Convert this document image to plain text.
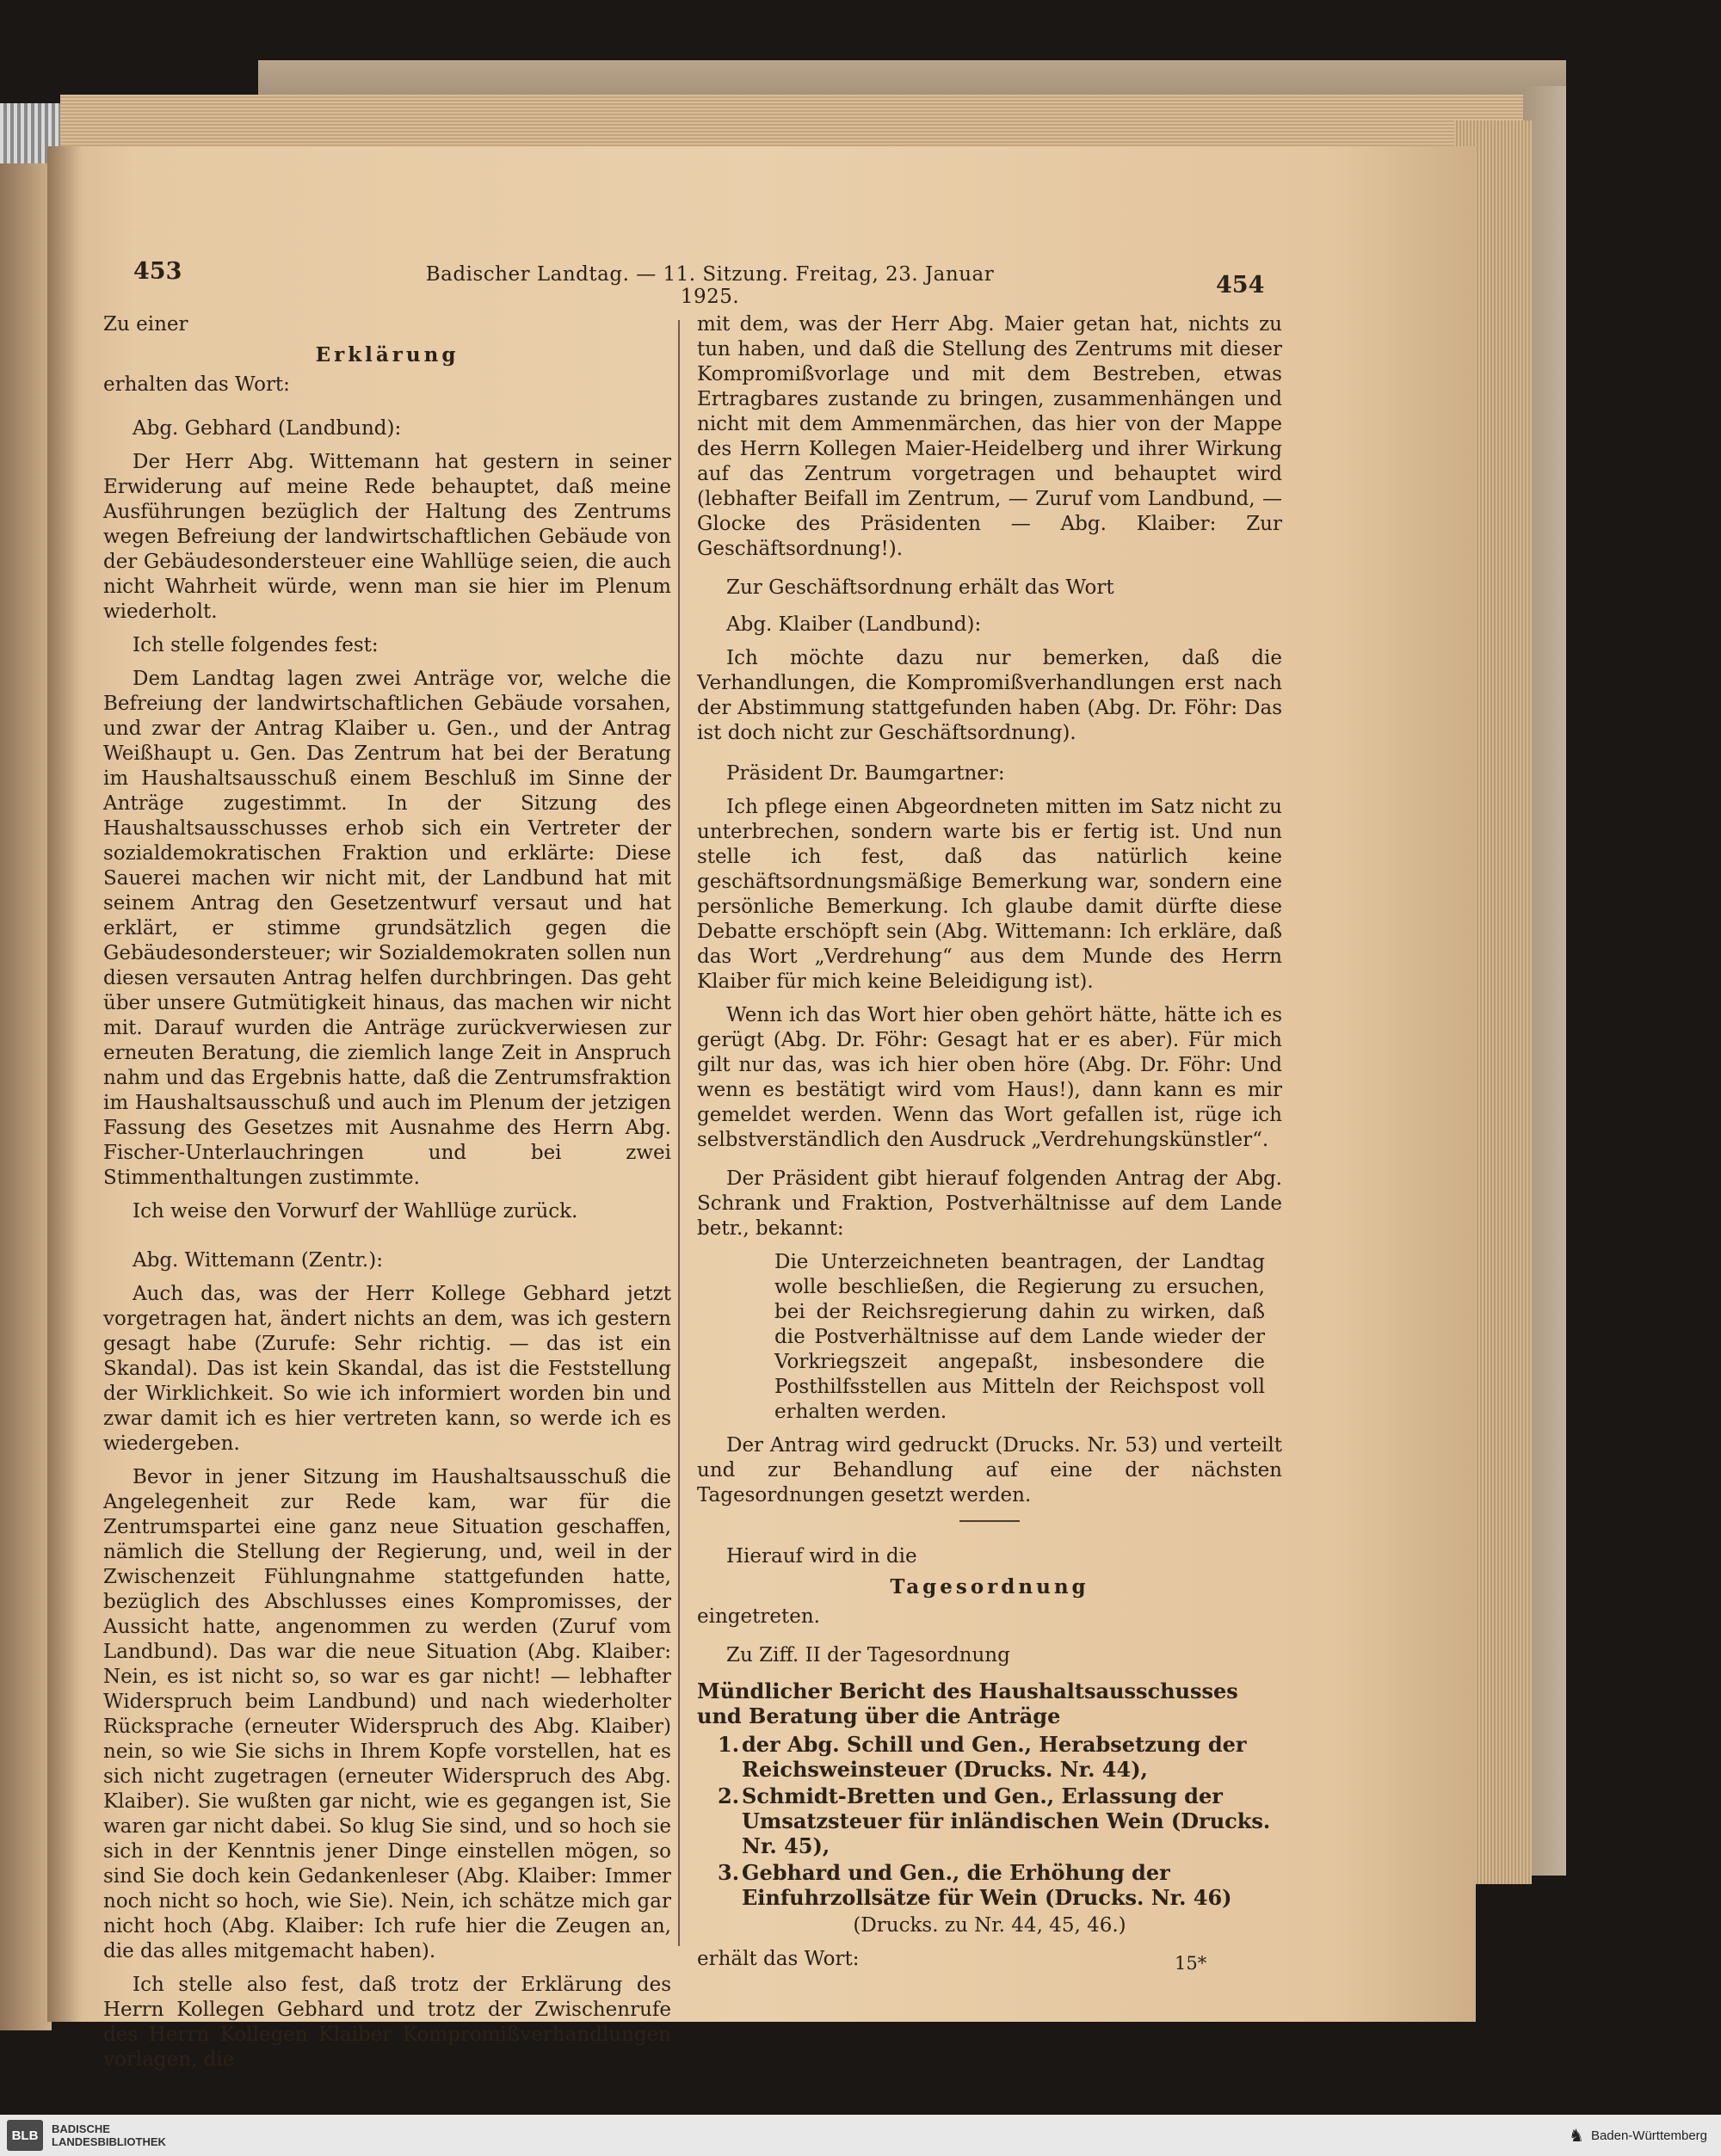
453	Badischer Landtag. — 11. Sitzung. Freitag, 23. Januar 1925.	454

Zu einer

Erklärung

erhalten das Wort:

Abg. Gebhard (Landbund):

Der Herr Abg. Wittemann hat gestern in seiner Erwiderung auf meine Rede behauptet, daß meine Ausführungen bezüglich der Haltung des Zentrums wegen Befreiung der landwirtschaftlichen Gebäude von der Gebäudesondersteuer eine Wahllüge seien, die auch nicht Wahrheit würde, wenn man sie hier im Plenum wiederholt.

Ich stelle folgendes fest:

Dem Landtag lagen zwei Anträge vor, welche die Befreiung der landwirtschaftlichen Gebäude vorsahen, und zwar der Antrag Klaiber u. Gen., und der Antrag Weißhaupt u. Gen. Das Zentrum hat bei der Beratung im Haushaltsausschuß einem Beschluß im Sinne der Anträge zugestimmt. In der Sitzung des Haushaltsausschusses erhob sich ein Vertreter der sozialdemokratischen Fraktion und erklärte: Diese Sauerei machen wir nicht mit, der Landbund hat mit seinem Antrag den Gesetzentwurf versaut und hat erklärt, er stimme grundsätzlich gegen die Gebäudesondersteuer; wir Sozialdemokraten sollen nun diesen versauten Antrag helfen durchbringen. Das geht über unsere Gutmütigkeit hinaus, das machen wir nicht mit. Darauf wurden die Anträge zurückverwiesen zur erneuten Beratung, die ziemlich lange Zeit in Anspruch nahm und das Ergebnis hatte, daß die Zentrumsfraktion im Haushaltsausschuß und auch im Plenum der jetzigen Fassung des Gesetzes mit Ausnahme des Herrn Abg. Fischer-Unterlauchringen und bei zwei Stimmenthaltungen zustimmte.

Ich weise den Vorwurf der Wahllüge zurück.

Abg. Wittemann (Zentr.):

Auch das, was der Herr Kollege Gebhard jetzt vorgetragen hat, ändert nichts an dem, was ich gestern gesagt habe (Zurufe: Sehr richtig. — das ist ein Skandal). Das ist kein Skandal, das ist die Feststellung der Wirklichkeit. So wie ich informiert worden bin und zwar damit ich es hier vertreten kann, so werde ich es wiedergeben.

Bevor in jener Sitzung im Haushaltsausschuß die Angelegenheit zur Rede kam, war für die Zentrumspartei eine ganz neue Situation geschaffen, nämlich die Stellung der Regierung, und, weil in der Zwischenzeit Fühlungnahme stattgefunden hatte, bezüglich des Abschlusses eines Kompromisses, der Aussicht hatte, angenommen zu werden (Zuruf vom Landbund). Das war die neue Situation (Abg. Klaiber: Nein, es ist nicht so, so war es gar nicht! — lebhafter Widerspruch beim Landbund) und nach wiederholter Rücksprache (erneuter Widerspruch des Abg. Klaiber) nein, so wie Sie sichs in Ihrem Kopfe vorstellen, hat es sich nicht zugetragen (erneuter Widerspruch des Abg. Klaiber). Sie wußten gar nicht, wie es gegangen ist, Sie waren gar nicht dabei. So klug Sie sind, und so hoch sie sich in der Kenntnis jener Dinge einstellen mögen, so sind Sie doch kein Gedankenleser (Abg. Klaiber: Immer noch nicht so hoch, wie Sie). Nein, ich schätze mich gar nicht hoch (Abg. Klaiber: Ich rufe hier die Zeugen an, die das alles mitgemacht haben).

Ich stelle also fest, daß trotz der Erklärung des Herrn Kollegen Gebhard und trotz der Zwischenrufe des Herrn Kollegen Klaiber Kompromißverhandlungen vorlagen, die

mit dem, was der Herr Abg. Maier getan hat, nichts zu tun haben, und daß die Stellung des Zentrums mit dieser Kompromißvorlage und mit dem Bestreben, etwas Ertragbares zustande zu bringen, zusammenhängen und nicht mit dem Ammenmärchen, das hier von der Mappe des Herrn Kollegen Maier-Heidelberg und ihrer Wirkung auf das Zentrum vorgetragen und behauptet wird (lebhafter Beifall im Zentrum, — Zuruf vom Landbund, — Glocke des Präsidenten — Abg. Klaiber: Zur Geschäftsordnung!).

Zur Geschäftsordnung erhält das Wort

Abg. Klaiber (Landbund):

Ich möchte dazu nur bemerken, daß die Verhandlungen, die Kompromißverhandlungen erst nach der Abstimmung stattgefunden haben (Abg. Dr. Föhr: Das ist doch nicht zur Geschäftsordnung).

Präsident Dr. Baumgartner:

Ich pflege einen Abgeordneten mitten im Satz nicht zu unterbrechen, sondern warte bis er fertig ist. Und nun stelle ich fest, daß das natürlich keine geschäftsordnungsmäßige Bemerkung war, sondern eine persönliche Bemerkung. Ich glaube damit dürfte diese Debatte erschöpft sein (Abg. Wittemann: Ich erkläre, daß das Wort „Verdrehung“ aus dem Munde des Herrn Klaiber für mich keine Beleidigung ist).

Wenn ich das Wort hier oben gehört hätte, hätte ich es gerügt (Abg. Dr. Föhr: Gesagt hat er es aber). Für mich gilt nur das, was ich hier oben höre (Abg. Dr. Föhr: Und wenn es bestätigt wird vom Haus!), dann kann es mir gemeldet werden. Wenn das Wort gefallen ist, rüge ich selbstverständlich den Ausdruck „Verdrehungskünstler“.

Der Präsident gibt hierauf folgenden Antrag der Abg. Schrank und Fraktion, Postverhältnisse auf dem Lande betr., bekannt:

Die Unterzeichneten beantragen, der Landtag wolle beschließen, die Regierung zu ersuchen, bei der Reichsregierung dahin zu wirken, daß die Postverhältnisse auf dem Lande wieder der Vorkriegszeit angepaßt, insbesondere die Posthilfsstellen aus Mitteln der Reichspost voll erhalten werden.

Der Antrag wird gedruckt (Drucks. Nr. 53) und verteilt und zur Behandlung auf eine der nächsten Tagesordnungen gesetzt werden.

Hierauf wird in die

Tagesordnung

eingetreten.

Zu Ziff. II der Tagesordnung

Mündlicher Bericht des Haushaltsausschusses und Beratung über die Anträge
1. der Abg. Schill und Gen., Herabsetzung der Reichsweinsteuer (Drucks. Nr. 44),
2. Schmidt-Bretten und Gen., Erlassung der Umsatzsteuer für inländischen Wein (Drucks. Nr. 45),
3. Gebhard und Gen., die Erhöhung der Einfuhrzollsätze für Wein (Drucks. Nr. 46)

(Drucks. zu Nr. 44, 45, 46.)

erhält das Wort:	15*
BLB	BADISCHE
LANDESBIBLIOTHEK	♞ Baden-Württemberg
